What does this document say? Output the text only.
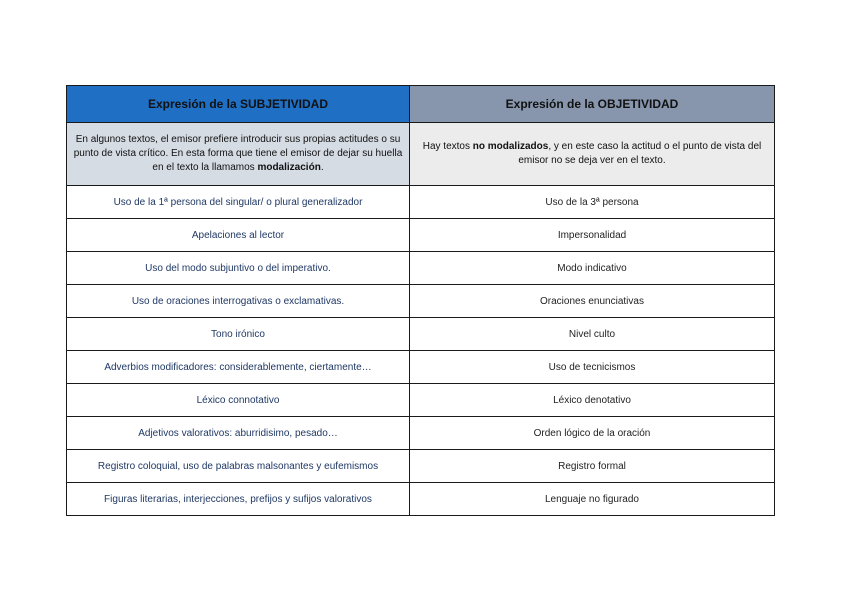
Expresión de la SUBJETIVIDAD	Expresión de la OBJETIVIDAD
En algunos textos, el emisor prefiere introducir sus propias actitudes o su punto de vista crítico. En esta forma que tiene el emisor de dejar su huella en el texto la llamamos modalización.	Hay textos no modalizados, y en este caso la actitud o el punto de vista del emisor no se deja ver en el texto.
Uso de la 1ª persona del singular/ o plural generalizador	Uso de la 3ª persona
Apelaciones al lector	Impersonalidad
Uso del modo subjuntivo o del imperativo.	Modo indicativo
Uso de oraciones interrogativas o exclamativas.	Oraciones enunciativas
Tono irónico	Nivel culto
Adverbios modificadores: considerablemente, ciertamente…	Uso de tecnicismos
Léxico connotativo	Léxico denotativo
Adjetivos valorativos: aburridisimo, pesado…	Orden lógico de la oración
Registro coloquial, uso de palabras malsonantes y eufemismos	Registro formal
Figuras literarias, interjecciones, prefijos y sufijos valorativos	Lenguaje no figurado
